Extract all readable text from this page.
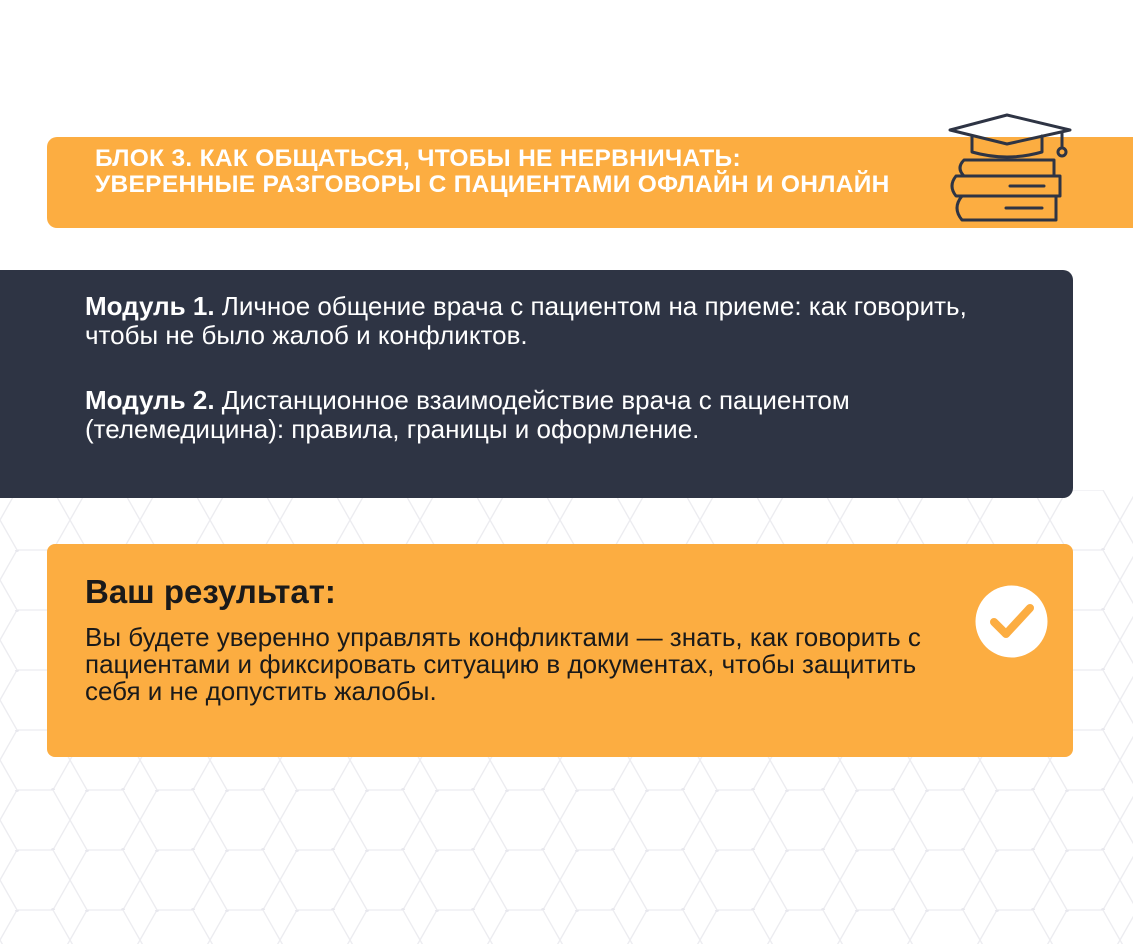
БЛОК 3. КАК ОБЩАТЬСЯ, ЧТОБЫ НЕ НЕРВНИЧАТЬ: УВЕРЕННЫЕ РАЗГОВОРЫ С ПАЦИЕНТАМИ ОФЛАЙН И ОНЛАЙН

Модуль 1. Личное общение врача с пациентом на приеме: как говорить, чтобы не было жалоб и конфликтов.

Модуль 2. Дистанционное взаимодействие врача с пациентом (телемедицина): правила, границы и оформление.

Ваш результат:

Вы будете уверенно управлять конфликтами — знать, как говорить с пациентами и фиксировать ситуацию в документах, чтобы защитить себя и не допустить жалобы.
